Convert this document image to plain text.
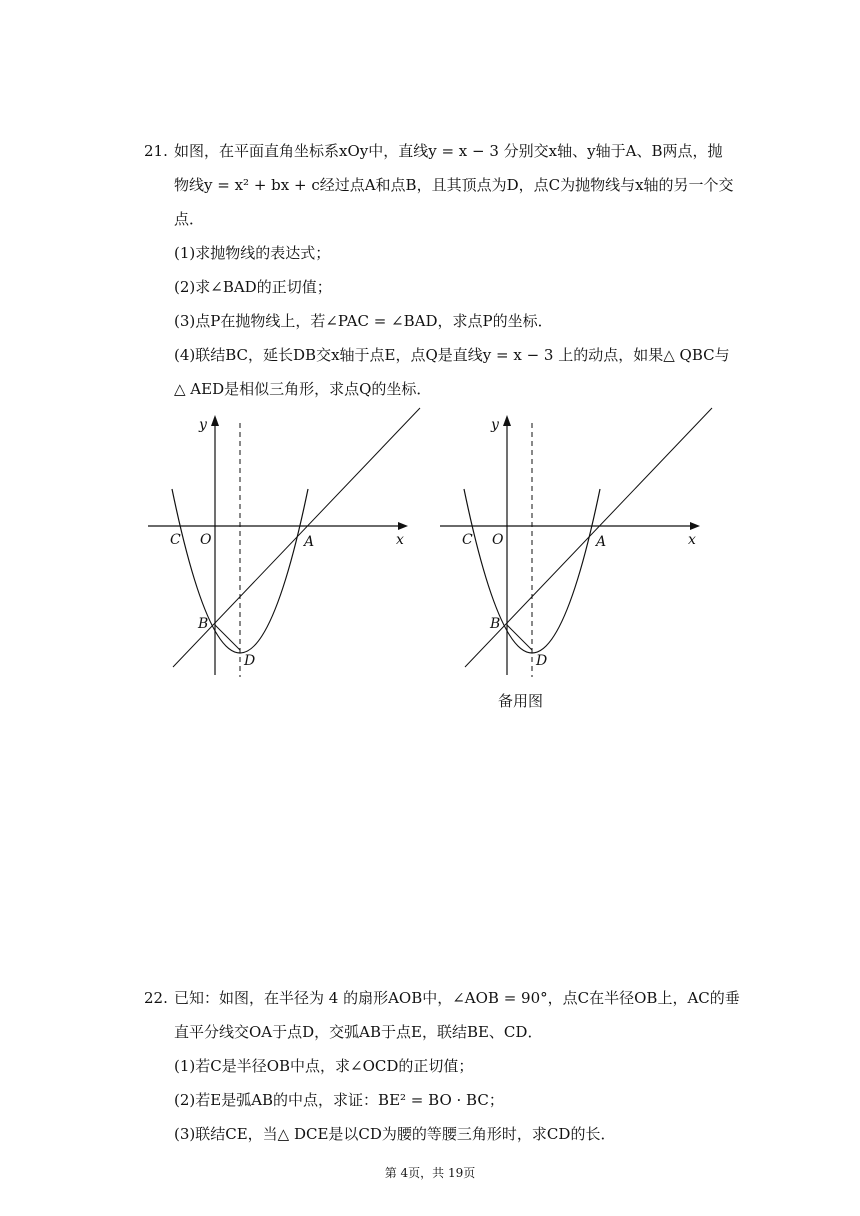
21. 如图，在平面直角坐标系xOy中，直线y = x − 3 分别交x轴、y轴于A、B两点，抛
物线y = x² + bx + c经过点A和点B，且其顶点为D，点C为抛物线与x轴的另一个交
点．
(1)求抛物线的表达式；
(2)求∠BAD的正切值；
(3)点P在抛物线上，若∠PAC = ∠BAD，求点P的坐标．
(4)联结BC，延长DB交x轴于点E，点Q是直线y = x − 3 上的动点，如果△ QBC与
△ AED是相似三角形，求点Q的坐标．
y
x
O
C	A
B
D
y
x
O
C	A
B
D
备用图
22. 已知：如图，在半径为 4 的扇形AOB中，∠AOB = 90°，点C在半径OB上，AC的垂
直平分线交OA于点D，交弧AB于点E，联结BE、CD．
(1)若C是半径OB中点，求∠OCD的正切值；
(2)若E是弧AB的中点，求证：BE² = BO · BC；
(3)联结CE，当△ DCE是以CD为腰的等腰三角形时，求CD的长．
第 4页，共 19页
